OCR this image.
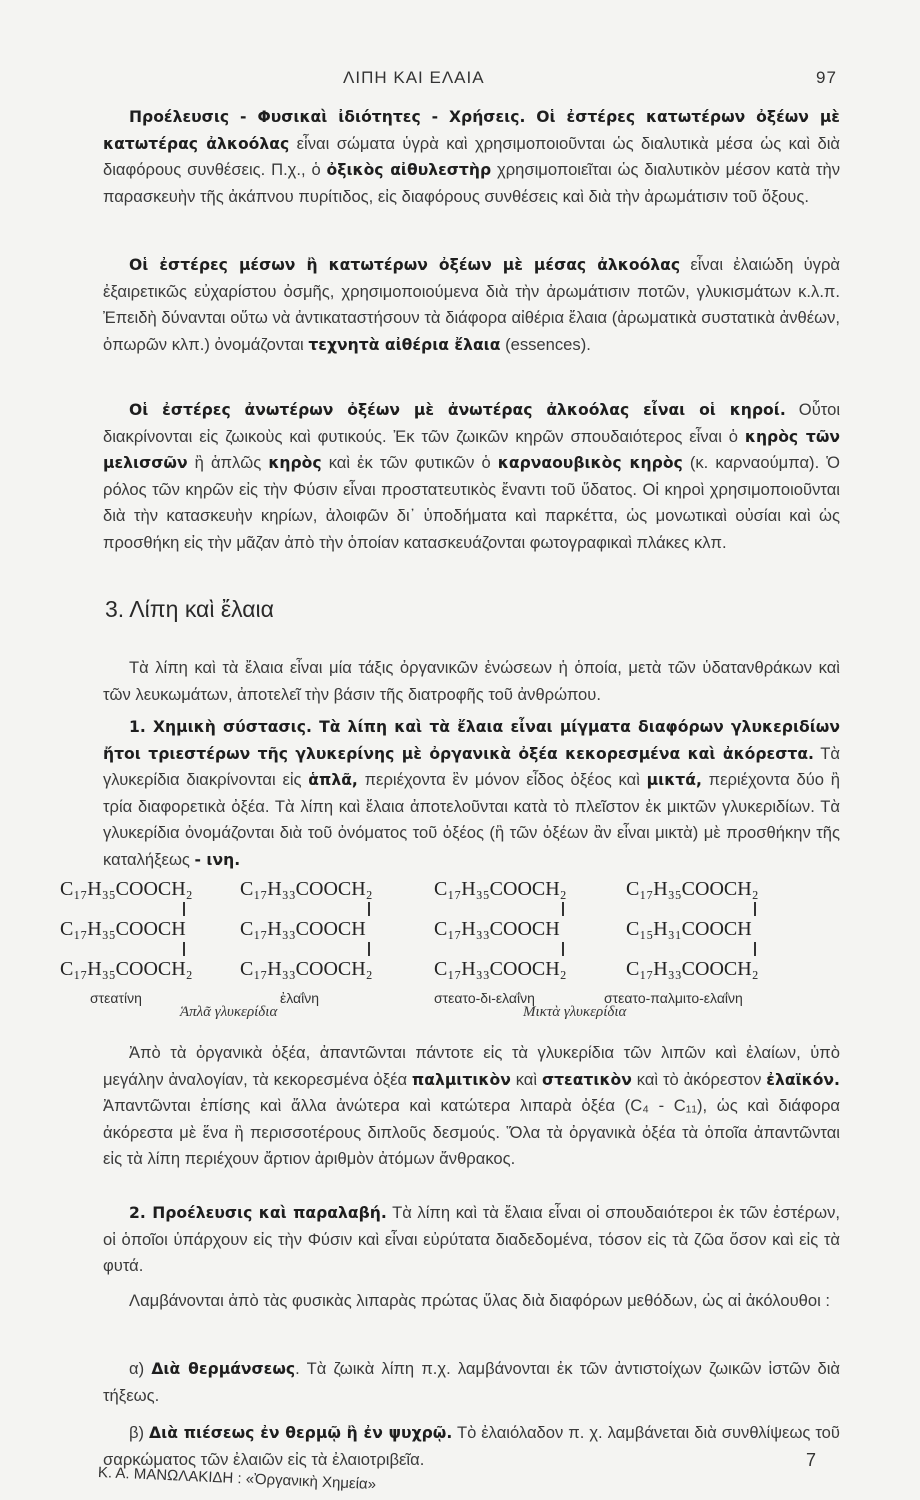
ΛΙΠΗ ΚΑΙ ΕΛΑΙΑ	97
Προέλευσις - Φυσικαὶ ἰδιότητες - Χρήσεις. Οἱ ἐστέρες κατωτέρων ὀξέων μὲ κατωτέρας ἀλκοόλας εἶναι σώματα ὑγρὰ καὶ χρησιμοποιοῦνται ὡς διαλυτικὰ μέσα ὡς καὶ διὰ διαφόρους συνθέσεις. Π.χ., ὁ ὀξικὸς αἰθυλεστὴρ χρησιμοποιεῖται ὡς διαλυτικὸν μέσον κατὰ τὴν παρασκευὴν τῆς ἀκάπνου πυρίτιδος, εἰς διαφόρους συνθέσεις καὶ διὰ τὴν ἀρωμάτισιν τοῦ ὄξους.
Οἱ ἐστέρες μέσων ἢ κατωτέρων ὀξέων μὲ μέσας ἀλκοόλας εἶναι ἐλαιώδη ὑγρὰ ἐξαιρετικῶς εὐχαρίστου ὀσμῆς, χρησιμοποιούμενα διὰ τὴν ἀρωμάτισιν ποτῶν, γλυκισμάτων κ.λ.π. Ἐπειδὴ δύνανται οὕτω νὰ ἀντικαταστήσουν τὰ διάφορα αἰθέρια ἔλαια (ἀρωματικὰ συστατικὰ ἀνθέων, ὀπωρῶν κλπ.) ὀνομάζονται τεχνητὰ αἰθέρια ἔλαια (essences).
Οἱ ἐστέρες ἀνωτέρων ὀξέων μὲ ἀνωτέρας ἀλκοόλας εἶναι οἱ κηροί. Οὗτοι διακρίνονται εἰς ζωικοὺς καὶ φυτικούς. Ἐκ τῶν ζωικῶν κηρῶν σπουδαιότερος εἶναι ὁ κηρὸς τῶν μελισσῶν ἢ ἁπλῶς κηρὸς καὶ ἐκ τῶν φυτικῶν ὁ καρναουβικὸς κηρὸς (κ. καρναούμπα). Ὁ ρόλος τῶν κηρῶν εἰς τὴν Φύσιν εἶναι προστατευτικὸς ἔναντι τοῦ ὕδατος. Οἱ κηροὶ χρησιμοποιοῦνται διὰ τὴν κατασκευὴν κηρίων, ἀλοιφῶν δι᾽ ὑποδήματα καὶ παρκέττα, ὡς μονωτικαὶ οὐσίαι καὶ ὡς προσθήκη εἰς τὴν μᾶζαν ἀπὸ τὴν ὁποίαν κατασκευάζονται φωτογραφικαὶ πλάκες κλπ.
3. Λίπη καὶ ἔλαια
Τὰ λίπη καὶ τὰ ἔλαια εἶναι μία τάξις ὀργανικῶν ἑνώσεων ἡ ὁποία, μετὰ τῶν ὑδατανθράκων καὶ τῶν λευκωμάτων, ἀποτελεῖ τὴν βάσιν τῆς διατροφῆς τοῦ ἀνθρώπου.
1. Χημικὴ σύστασις. Τὰ λίπη καὶ τὰ ἔλαια εἶναι μίγματα διαφόρων γλυκεριδίων ἤτοι τριεστέρων τῆς γλυκερίνης μὲ ὀργανικὰ ὀξέα κεκορεσμένα καὶ ἀκόρεστα. Τὰ γλυκερίδια διακρίνονται εἰς ἁπλᾶ, περιέχοντα ἓν μόνον εἶδος ὀξέος καὶ μικτά, περιέχοντα δύο ἢ τρία διαφορετικὰ ὀξέα. Τὰ λίπη καὶ ἔλαια ἀποτελοῦνται κατὰ τὸ πλεῖστον ἐκ μικτῶν γλυκεριδίων. Τὰ γλυκερίδια ὀνομάζονται διὰ τοῦ ὀνόματος τοῦ ὀξέος (ἢ τῶν ὀξέων ἂν εἶναι μικτὰ) μὲ προσθήκην τῆς καταλήξεως - ινη.
C₁₇H₃₅COOCH₂
C₁₇H₃₅COOCH
C₁₇H₃₅COOCH₂
στεατίνη
C₁₇H₃₃COOCH₂
C₁₇H₃₃COOCH
C₁₇H₃₃COOCH₂
ἐλαΐνη
C₁₇H₃₅COOCH₂
C₁₇H₃₃COOCH
C₁₇H₃₃COOCH₂
στεατο-δι-ελαΐνη
C₁₇H₃₅COOCH₂
C₁₅H₃₁COOCH
C₁₇H₃₃COOCH₂
στεατο-παλμιτο-ελαΐνη
Ἁπλᾶ γλυκερίδια	Μικτὰ γλυκερίδια
Ἀπὸ τὰ ὀργανικὰ ὀξέα, ἀπαντῶνται πάντοτε εἰς τὰ γλυκερίδια τῶν λιπῶν καὶ ἐλαίων, ὑπὸ μεγάλην ἀναλογίαν, τὰ κεκορεσμένα ὀξέα παλμιτικὸν καὶ στεατικὸν καὶ τὸ ἀκόρεστον ἐλαϊκόν. Ἀπαντῶνται ἐπίσης καὶ ἄλλα ἀνώτερα καὶ κατώτερα λιπαρὰ ὀξέα (C₄ - C₁₁), ὡς καὶ διάφορα ἀκόρεστα μὲ ἕνα ἢ περισσοτέρους διπλοῦς δεσμούς. Ὅλα τὰ ὀργανικὰ ὀξέα τὰ ὁποῖα ἀπαντῶνται εἰς τὰ λίπη περιέχουν ἄρτιον ἀριθμὸν ἀτόμων ἄνθρακος.
2. Προέλευσις καὶ παραλαβή. Τὰ λίπη καὶ τὰ ἔλαια εἶναι οἱ σπουδαιότεροι ἐκ τῶν ἐστέρων, οἱ ὁποῖοι ὑπάρχουν εἰς τὴν Φύσιν καὶ εἶναι εὐρύτατα διαδεδομένα, τόσον εἰς τὰ ζῶα ὅσον καὶ εἰς τὰ φυτά.
Λαμβάνονται ἀπὸ τὰς φυσικὰς λιπαρὰς πρώτας ὕλας διὰ διαφόρων μεθόδων, ὡς αἱ ἀκόλουθοι :
α) Διὰ θερμάνσεως. Τὰ ζωικὰ λίπη π.χ. λαμβάνονται ἐκ τῶν ἀντιστοίχων ζωικῶν ἱστῶν διὰ τήξεως.
β) Διὰ πιέσεως ἐν θερμῷ ἢ ἐν ψυχρῷ. Τὸ ἐλαιόλαδον π. χ. λαμβάνεται διὰ συνθλίψεως τοῦ σαρκώματος τῶν ἐλαιῶν εἰς τὰ ἐλαιοτριβεῖα.
Κ. Α. ΜΑΝΩΛΑΚΙΔΗ : «Ὀργανικὴ Χημεία»
7
